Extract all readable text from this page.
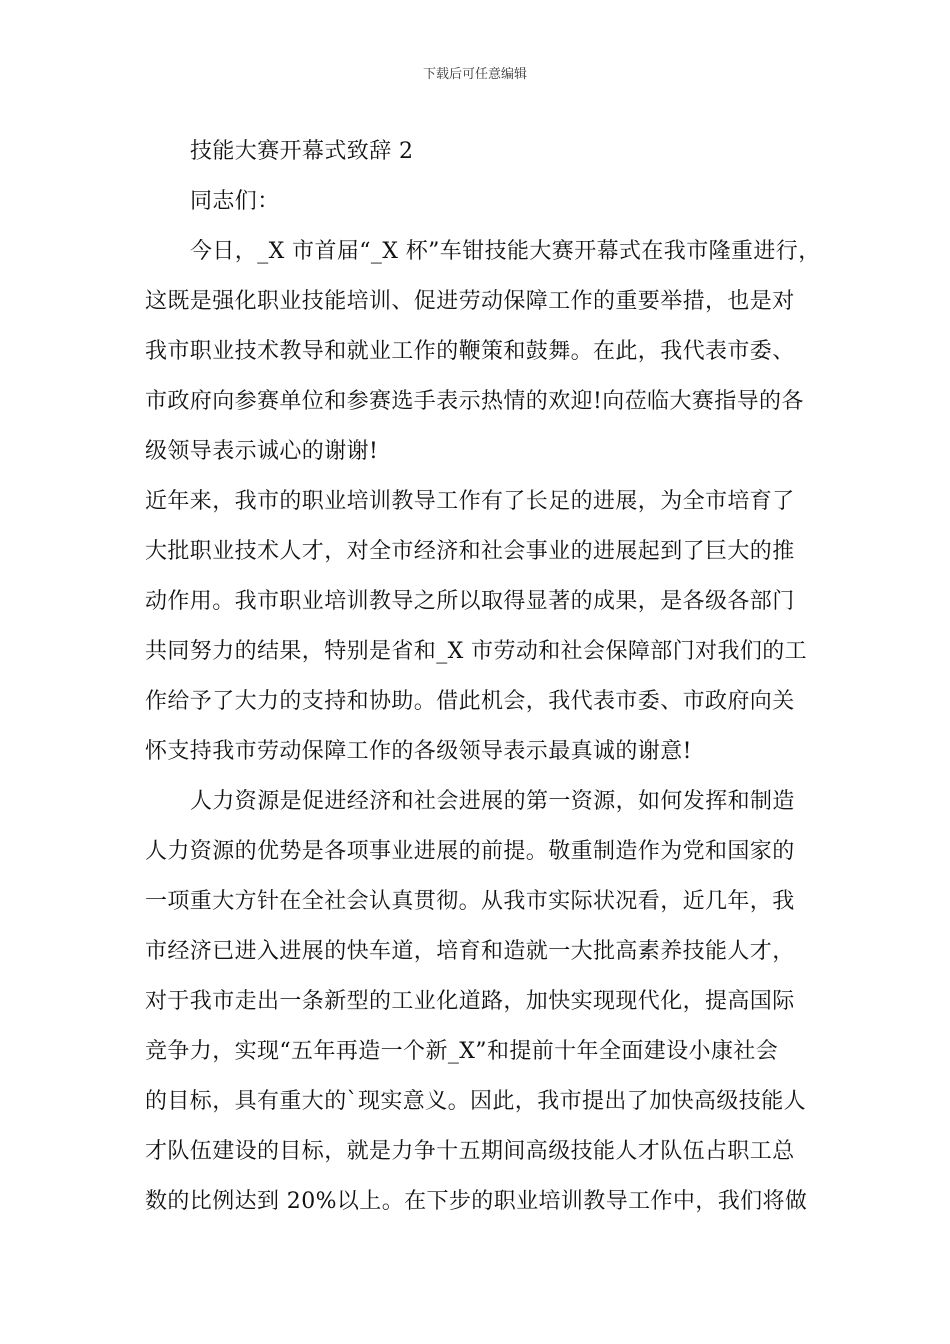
下载后可任意编辑
技能大赛开幕式致辞 2
同志们：
今日，_X 市首届“_X 杯”车钳技能大赛开幕式在我市隆重进行，
这既是强化职业技能培训、促进劳动保障工作的重要举措，也是对
我市职业技术教导和就业工作的鞭策和鼓舞。在此，我代表市委、
市政府向参赛单位和参赛选手表示热情的欢迎!向莅临大赛指导的各
级领导表示诚心的谢谢!
近年来，我市的职业培训教导工作有了长足的进展，为全市培育了
大批职业技术人才，对全市经济和社会事业的进展起到了巨大的推
动作用。我市职业培训教导之所以取得显著的成果，是各级各部门
共同努力的结果，特别是省和_X 市劳动和社会保障部门对我们的工
作给予了大力的支持和协助。借此机会，我代表市委、市政府向关
怀支持我市劳动保障工作的各级领导表示最真诚的谢意!
人力资源是促进经济和社会进展的第一资源，如何发挥和制造
人力资源的优势是各项事业进展的前提。敬重制造作为党和国家的
一项重大方针在全社会认真贯彻。从我市实际状况看，近几年，我
市经济已进入进展的快车道，培育和造就一大批高素养技能人才，
对于我市走出一条新型的工业化道路，加快实现现代化，提高国际
竞争力，实现“五年再造一个新_X”和提前十年全面建设小康社会
的目标，具有重大的`现实意义。因此，我市提出了加快高级技能人
才队伍建设的目标，就是力争十五期间高级技能人才队伍占职工总
数的比例达到 20%以上。在下步的职业培训教导工作中，我们将做
